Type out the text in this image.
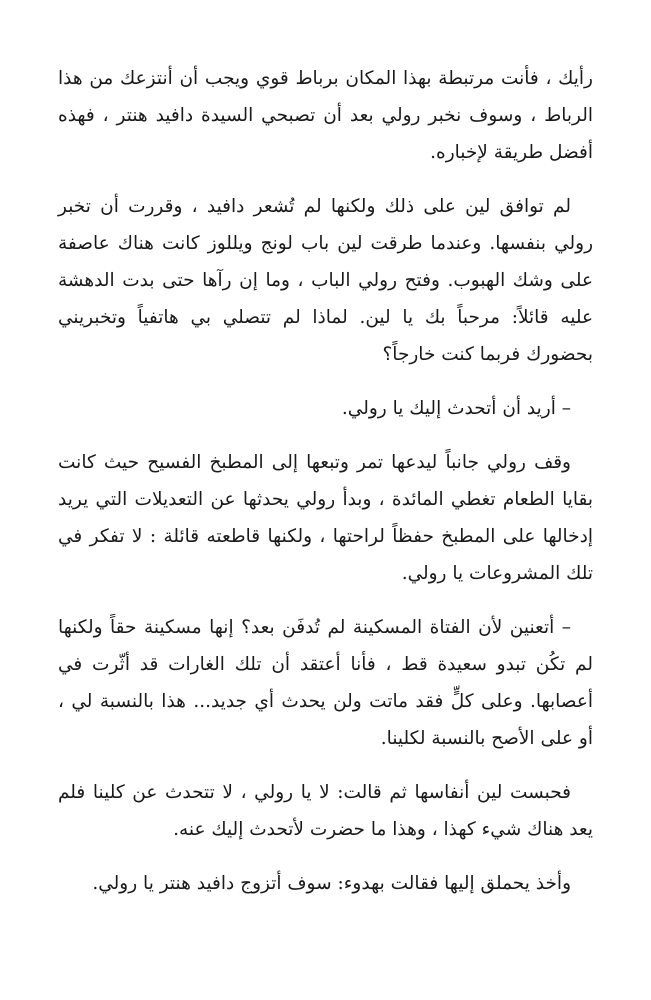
رأيك ، فأنت مرتبطة بهذا المكان برباط قوي ويجب أن أنتزعك من هذا الرباط ، وسوف نخبر رولي بعد أن تصبحي السيدة دافيد هنتر ، فهذه أفضل طريقة لإخباره.

لم توافق لين على ذلك ولكنها لم تُشعر دافيد ، وقررت أن تخبر رولي بنفسها. وعندما طرقت لين باب لونج ويللوز كانت هناك عاصفة على وشك الهبوب. وفتح رولي الباب ، وما إن رآها حتى بدت الدهشة عليه قائلاً: مرحباً بك يا لين. لماذا لم تتصلي بي هاتفياً وتخبريني بحضورك فربما كنت خارجاً؟

– أريد أن أتحدث إليك يا رولي.

وقف رولي جانباً ليدعها تمر وتبعها إلى المطبخ الفسيح حيث كانت بقايا الطعام تغطي المائدة ، وبدأ رولي يحدثها عن التعديلات التي يريد إدخالها على المطبخ حفظاً لراحتها ، ولكنها قاطعته قائلة : لا تفكر في تلك المشروعات يا رولي.

– أتعنين لأن الفتاة المسكينة لم تُدفَن بعد؟ إنها مسكينة حقاً ولكنها لم تكُن تبدو سعيدة قط ، فأنا أعتقد أن تلك الغارات قد أثّرت في أعصابها. وعلى كلٍّ فقد ماتت ولن يحدث أي جديد... هذا بالنسبة لي ، أو على الأصح بالنسبة لكلينا.

فحبست لين أنفاسها ثم قالت: لا يا رولي ، لا تتحدث عن كلينا فلم يعد هناك شيء كهذا ، وهذا ما حضرت لأتحدث إليك عنه.

وأخذ يحملق إليها فقالت بهدوء: سوف أتزوج دافيد هنتر يا رولي.
